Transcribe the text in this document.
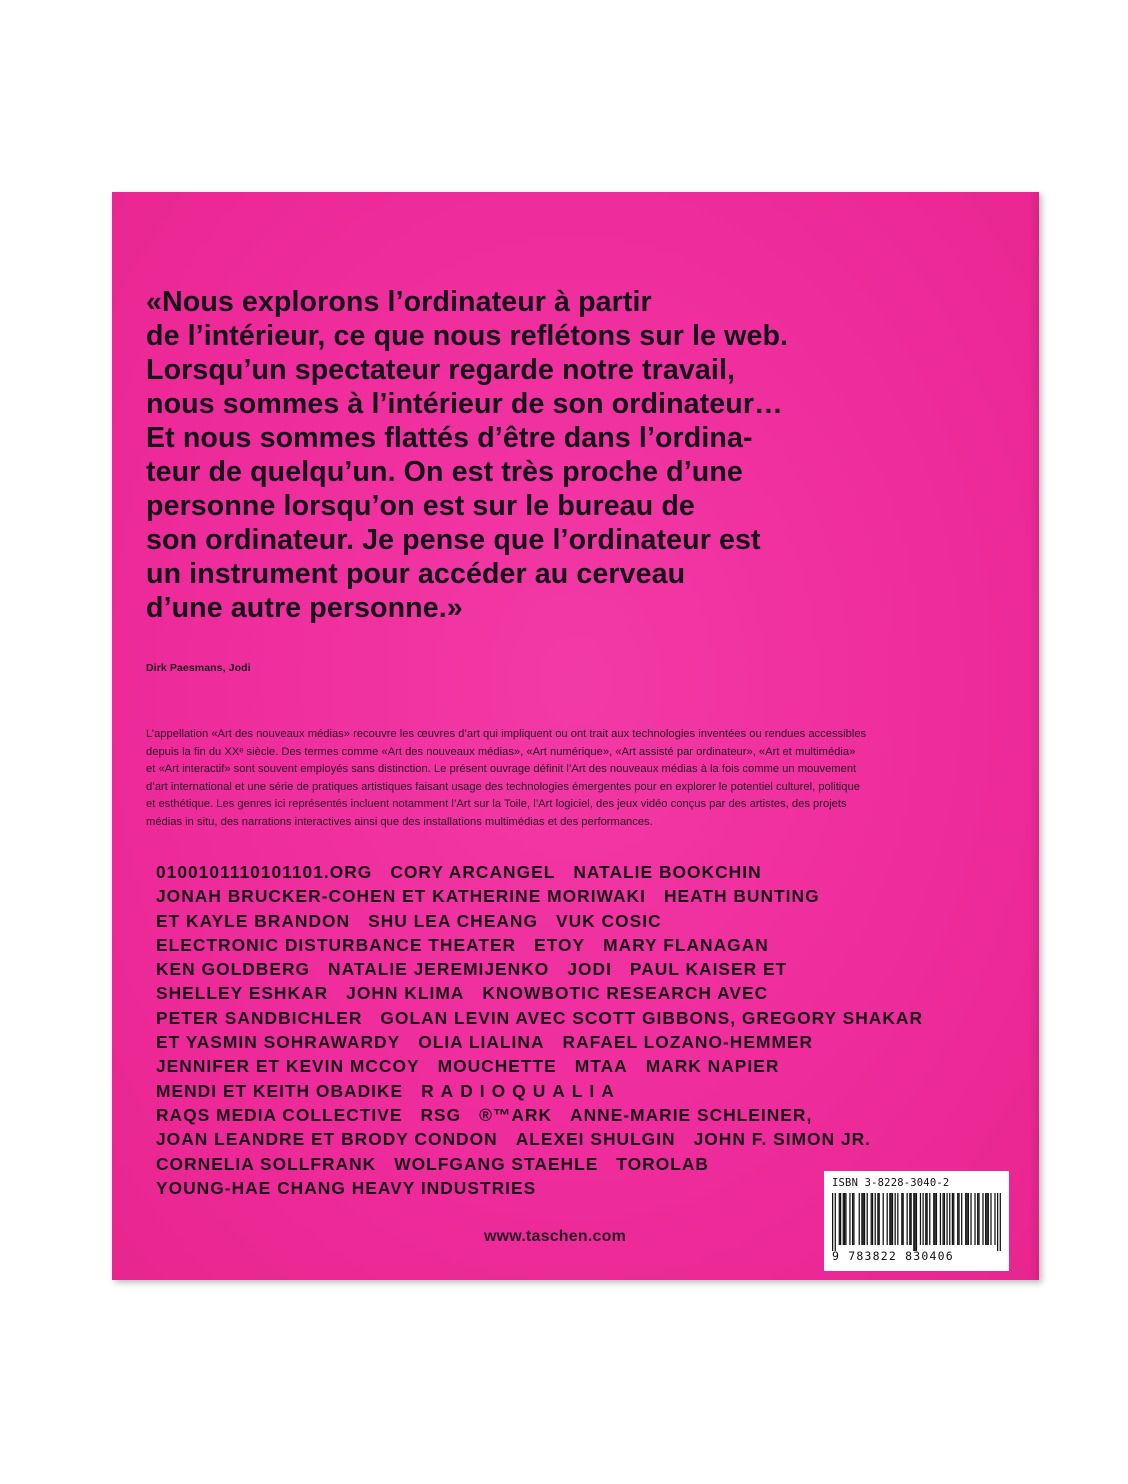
«Nous explorons l’ordinateur à partir
de l’intérieur, ce que nous reflétons sur le web.
Lorsqu’un spectateur regarde notre travail,
nous sommes à l’intérieur de son ordinateur…
Et nous sommes flattés d’être dans l’ordina-
teur de quelqu’un. On est très proche d’une
personne lorsqu’on est sur le bureau de
son ordinateur. Je pense que l’ordinateur est
un instrument pour accéder au cerveau
d’une autre personne.»
Dirk Paesmans, Jodi
L’appellation «Art des nouveaux médias» recouvre les œuvres d’art qui impliquent ou ont trait aux technologies inventées ou rendues accessibles
depuis la fin du XXᵉ siècle. Des termes comme «Art des nouveaux médias», «Art numérique», «Art assisté par ordinateur», «Art et multimédia»
et «Art interactif» sont souvent employés sans distinction. Le présent ouvrage définit l’Art des nouveaux médias à la fois comme un mouvement
d’art international et une série de pratiques artistiques faisant usage des technologies émergentes pour en explorer le potentiel culturel, politique
et esthétique. Les genres ici représentés incluent notamment l’Art sur la Toile, l’Art logiciel, des jeux vidéo conçus par des artistes, des projets
médias in situ, des narrations interactives ainsi que des installations multimédias et des performances.
0100101110101101.ORG CORY ARCANGEL NATALIE BOOKCHIN
JONAH BRUCKER-COHEN ET KATHERINE MORIWAKI HEATH BUNTING
ET KAYLE BRANDON SHU LEA CHEANG VUK COSIC
ELECTRONIC DISTURBANCE THEATER ETOY MARY FLANAGAN
KEN GOLDBERG NATALIE JEREMIJENKO JODI PAUL KAISER ET
SHELLEY ESHKAR JOHN KLIMA KNOWBOTIC RESEARCH AVEC
PETER SANDBICHLER GOLAN LEVIN AVEC SCOTT GIBBONS, GREGORY SHAKAR
ET YASMIN SOHRAWARDY OLIA LIALINA RAFAEL LOZANO-HEMMER
JENNIFER ET KEVIN MCCOY MOUCHETTE MTAA MARK NAPIER
MENDI ET KEITH OBADIKE RADIOQUALIA
RAQS MEDIA COLLECTIVE RSG ®™ARK ANNE-MARIE SCHLEINER,
JOAN LEANDRE ET BRODY CONDON ALEXEI SHULGIN JOHN F. SIMON JR.
CORNELIA SOLLFRANK WOLFGANG STAEHLE TOROLAB
YOUNG-HAE CHANG HEAVY INDUSTRIES
www.taschen.com
ISBN 3-8228-3040-2
9 783822 830406
